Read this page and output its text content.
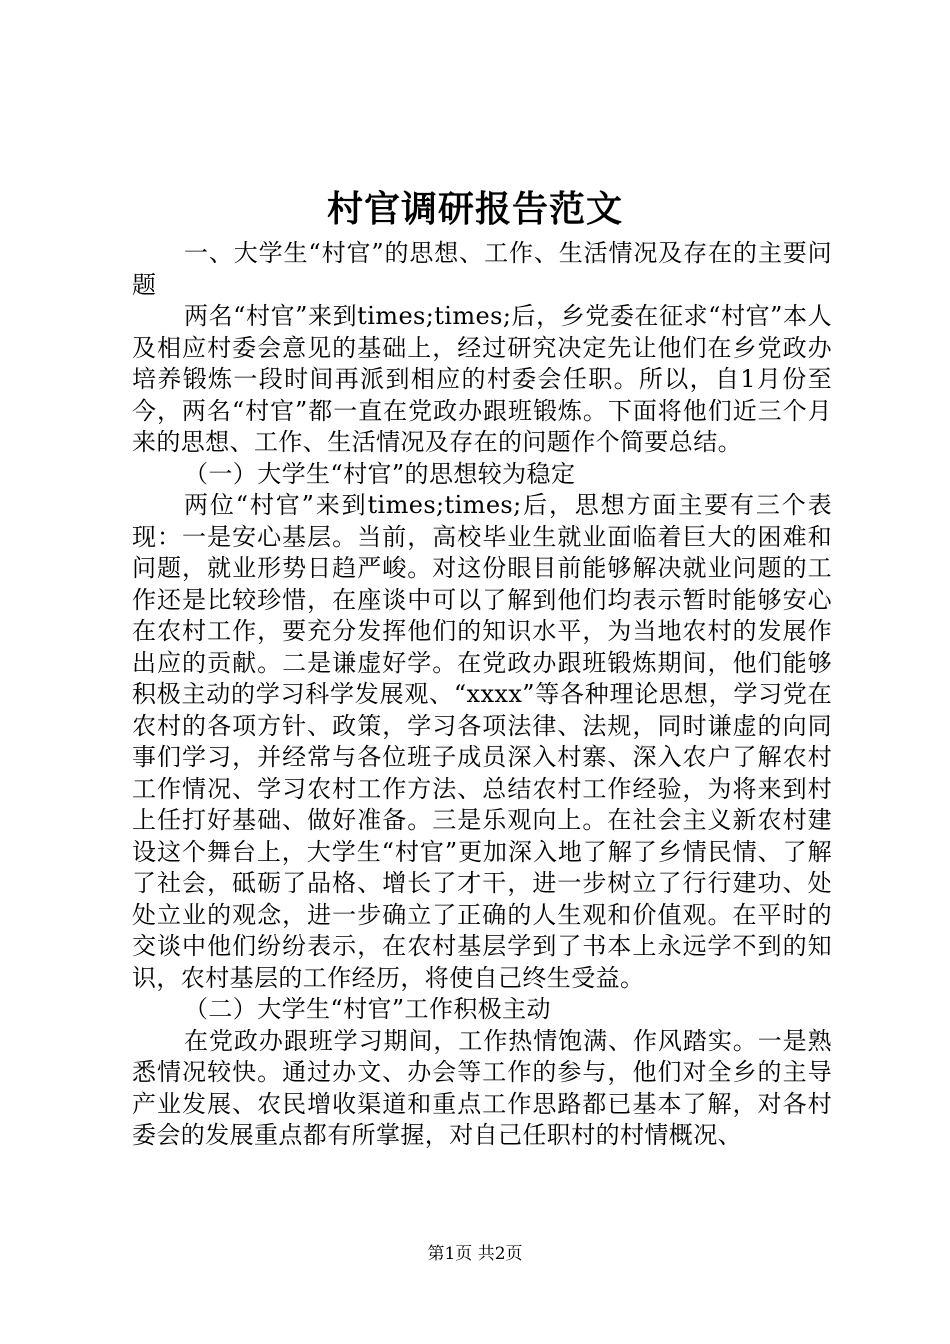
村官调研报告范文

一、大学生“村官”的思想、工作、生活情况及存在的主要问题

两名“村官”来到times;times;后，乡党委在征求“村官”本人及相应村委会意见的基础上，经过研究决定先让他们在乡党政办培养锻炼一段时间再派到相应的村委会任职。所以，自1月份至今，两名“村官”都一直在党政办跟班锻炼。下面将他们近三个月来的思想、工作、生活情况及存在的问题作个简要总结。

（一）大学生“村官”的思想较为稳定

两位“村官”来到times;times;后，思想方面主要有三个表现：一是安心基层。当前，高校毕业生就业面临着巨大的困难和问题，就业形势日趋严峻。对这份眼目前能够解决就业问题的工作还是比较珍惜，在座谈中可以了解到他们均表示暂时能够安心在农村工作，要充分发挥他们的知识水平，为当地农村的发展作出应的贡献。二是谦虚好学。在党政办跟班锻炼期间，他们能够积极主动的学习科学发展观、“xxxx”等各种理论思想，学习党在农村的各项方针、政策，学习各项法律、法规，同时谦虚的向同事们学习，并经常与各位班子成员深入村寨、深入农户了解农村工作情况、学习农村工作方法、总结农村工作经验，为将来到村上任打好基础、做好准备。三是乐观向上。在社会主义新农村建设这个舞台上，大学生“村官”更加深入地了解了乡情民情、了解了社会，砥砺了品格、增长了才干，进一步树立了行行建功、处处立业的观念，进一步确立了正确的人生观和价值观。在平时的交谈中他们纷纷表示，在农村基层学到了书本上永远学不到的知识，农村基层的工作经历，将使自己终生受益。

（二）大学生“村官”工作积极主动

在党政办跟班学习期间，工作热情饱满、作风踏实。一是熟悉情况较快。通过办文、办会等工作的参与，他们对全乡的主导产业发展、农民增收渠道和重点工作思路都已基本了解，对各村委会的发展重点都有所掌握，对自己任职村的村情概况、

第1页 共2页
